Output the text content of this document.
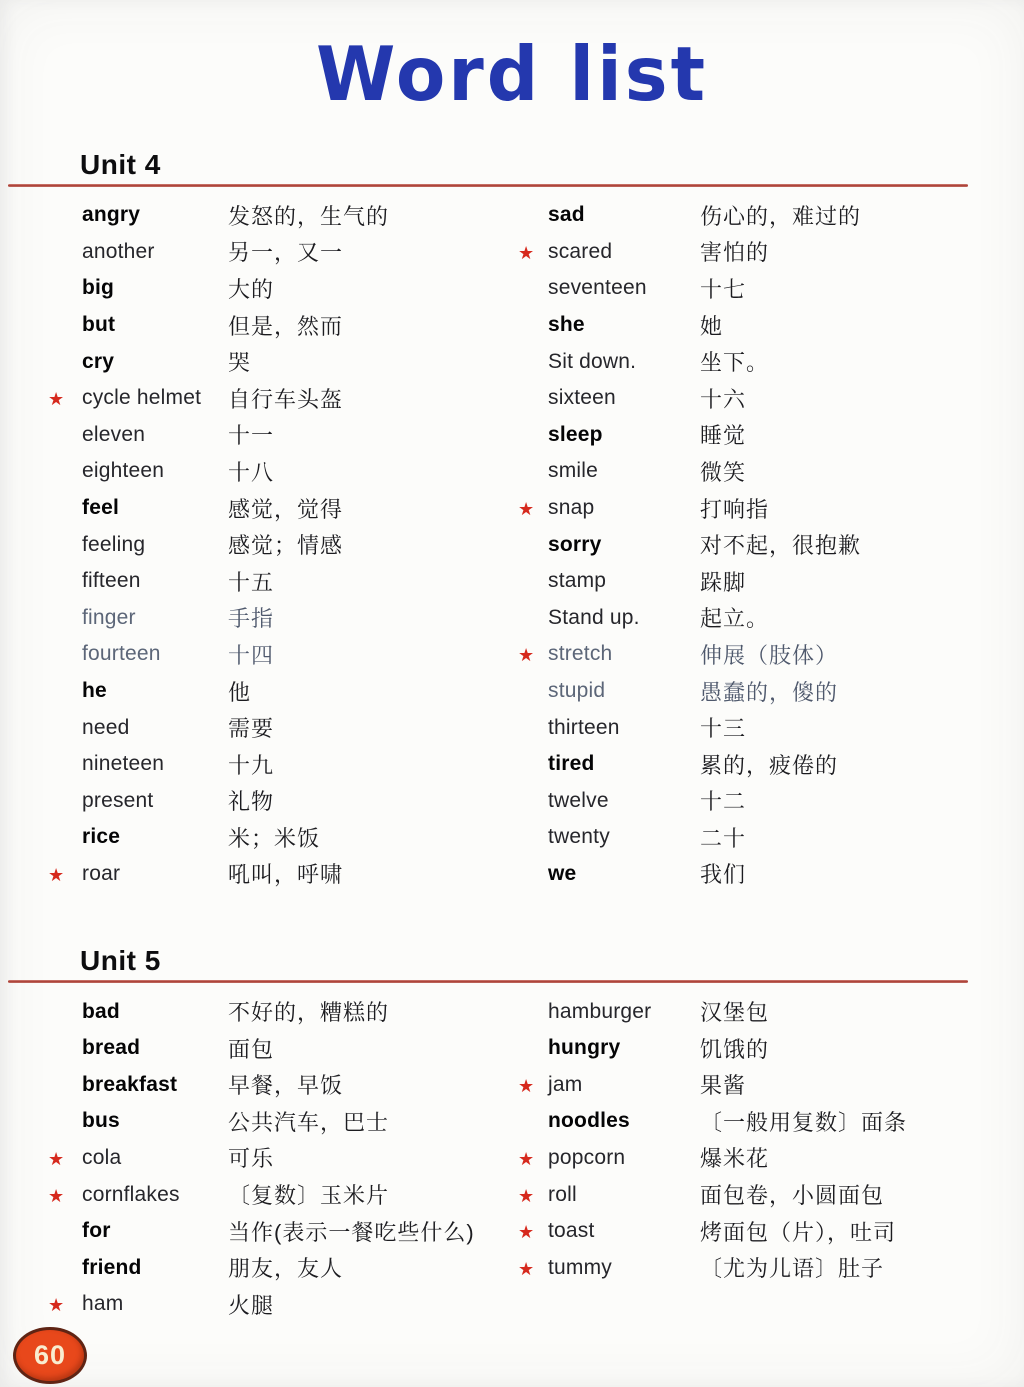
Word list
Unit 4
angry	发怒的，生气的
another	另一，又一
big	大的
but	但是，然而
cry	哭
★ cycle helmet	自行车头盔
eleven	十一
eighteen	十八
feel	感觉，觉得
feeling	感觉；情感
fifteen	十五
finger	手指
fourteen	十四
he	他
need	需要
nineteen	十九
present	礼物
rice	米；米饭
★ roar	吼叫，呼啸
sad	伤心的，难过的
★ scared	害怕的
seventeen	十七
she	她
Sit down.	坐下。
sixteen	十六
sleep	睡觉
smile	微笑
★ snap	打响指
sorry	对不起，很抱歉
stamp	跺脚
Stand up.	起立。
★ stretch	伸展（肢体）
stupid	愚蠢的，傻的
thirteen	十三
tired	累的，疲倦的
twelve	十二
twenty	二十
we	我们
Unit 5
bad	不好的，糟糕的
bread	面包
breakfast	早餐，早饭
bus	公共汽车，巴士
★ cola	可乐
★ cornflakes	〔复数〕玉米片
for	当作(表示一餐吃些什么)
friend	朋友，友人
★ ham	火腿
hamburger	汉堡包
hungry	饥饿的
★ jam	果酱
noodles	〔一般用复数〕面条
★ popcorn	爆米花
★ roll	面包卷，小圆面包
★ toast	烤面包（片），吐司
★ tummy	〔尤为儿语〕肚子
60
